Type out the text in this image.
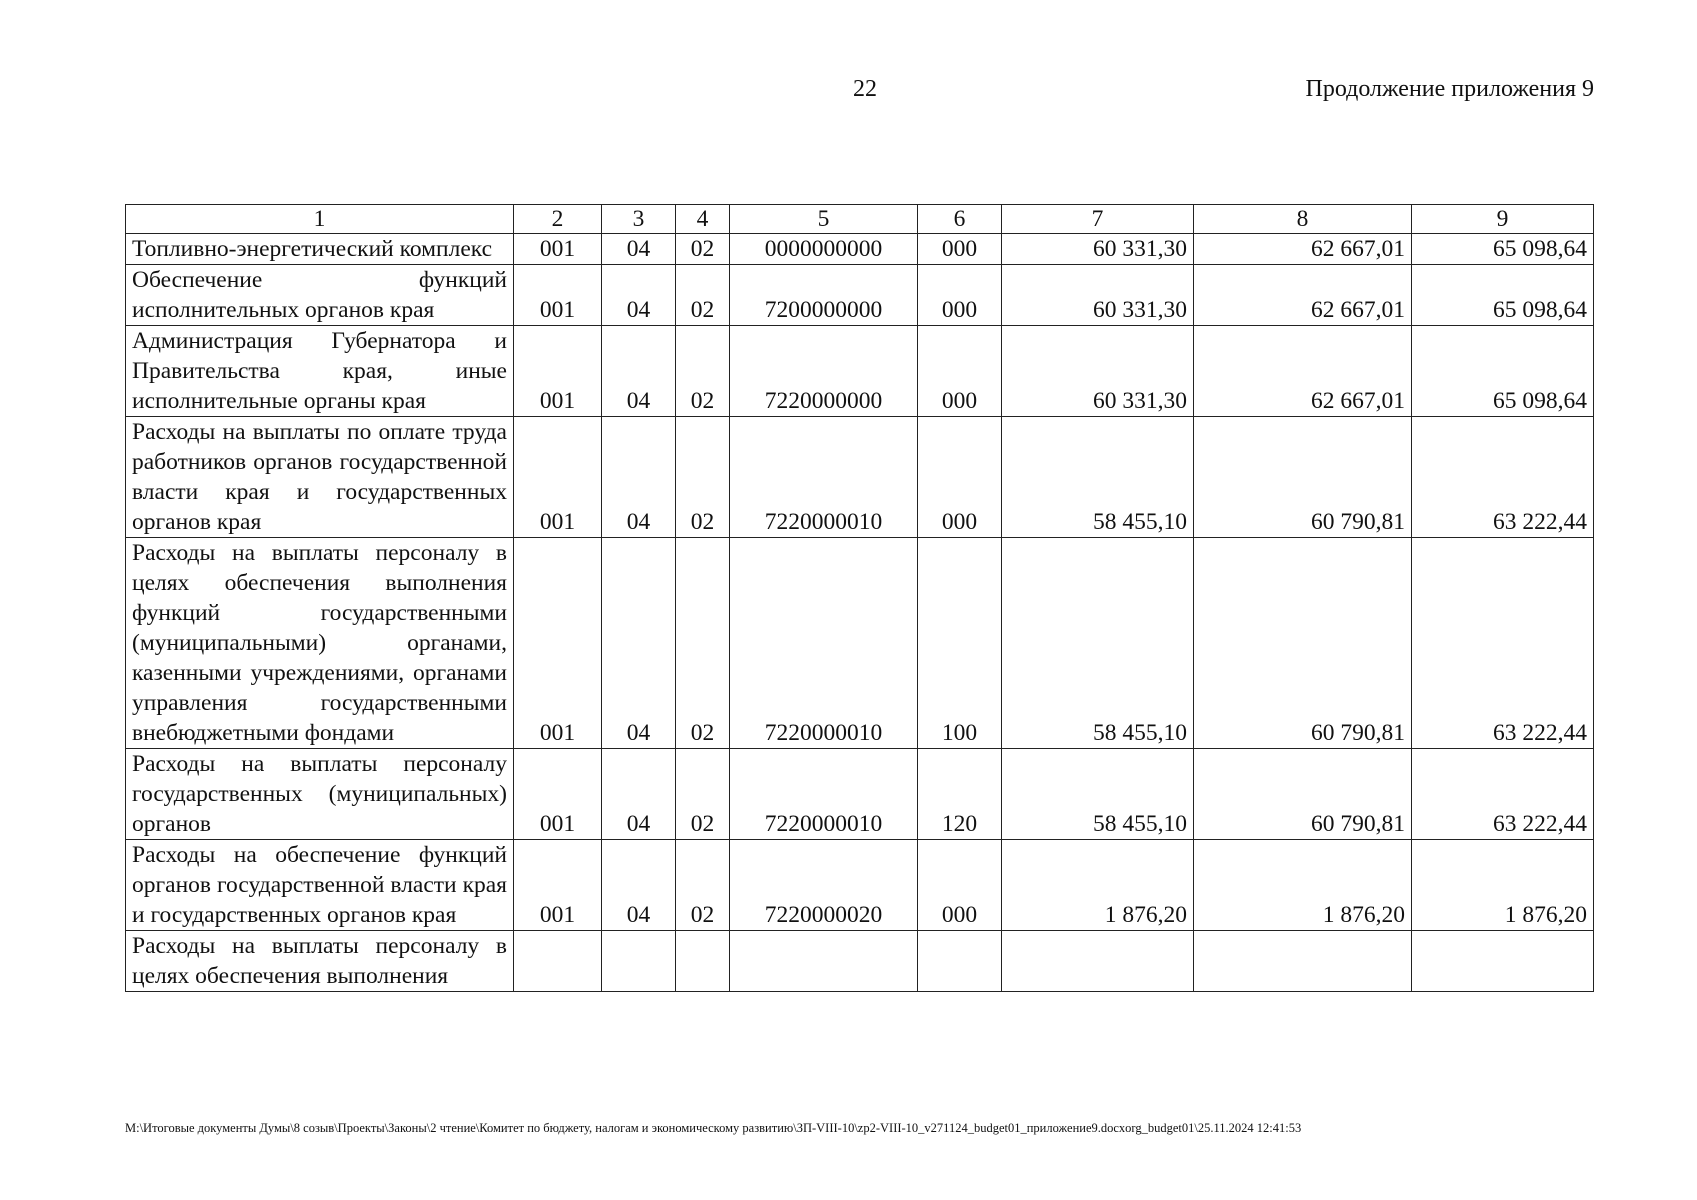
22	Продолжение приложения 9
1	2	3	4	5	6	7	8	9
Топливно-энергетический комплекс	001	04	02	0000000000	000	60 331,30	62 667,01	65 098,64
Обеспечение функций исполнительных органов края	001	04	02	7200000000	000	60 331,30	62 667,01	65 098,64
Администрация Губернатора и Правительства края, иные исполнительные органы края	001	04	02	7220000000	000	60 331,30	62 667,01	65 098,64
Расходы на выплаты по оплате труда работников органов государственной власти края и государственных органов края	001	04	02	7220000010	000	58 455,10	60 790,81	63 222,44
Расходы на выплаты персоналу в целях обеспечения выполнения функций государственными (муниципальными) органами, казенными учреждениями, органами управления государственными внебюджетными фондами	001	04	02	7220000010	100	58 455,10	60 790,81	63 222,44
Расходы на выплаты персоналу государственных (муниципальных) органов	001	04	02	7220000010	120	58 455,10	60 790,81	63 222,44
Расходы на обеспечение функций органов государственной власти края и государственных органов края	001	04	02	7220000020	000	1 876,20	1 876,20	1 876,20
Расходы на выплаты персоналу в целях обеспечения выполнения								
M:\Итоговые документы Думы\8 созыв\Проекты\Законы\2 чтение\Комитет по бюджету, налогам и экономическому развитию\ЗП-VIII-10\zp2-VIII-10_v271124_budget01_приложение9.docxorg_budget01\25.11.2024 12:41:53
